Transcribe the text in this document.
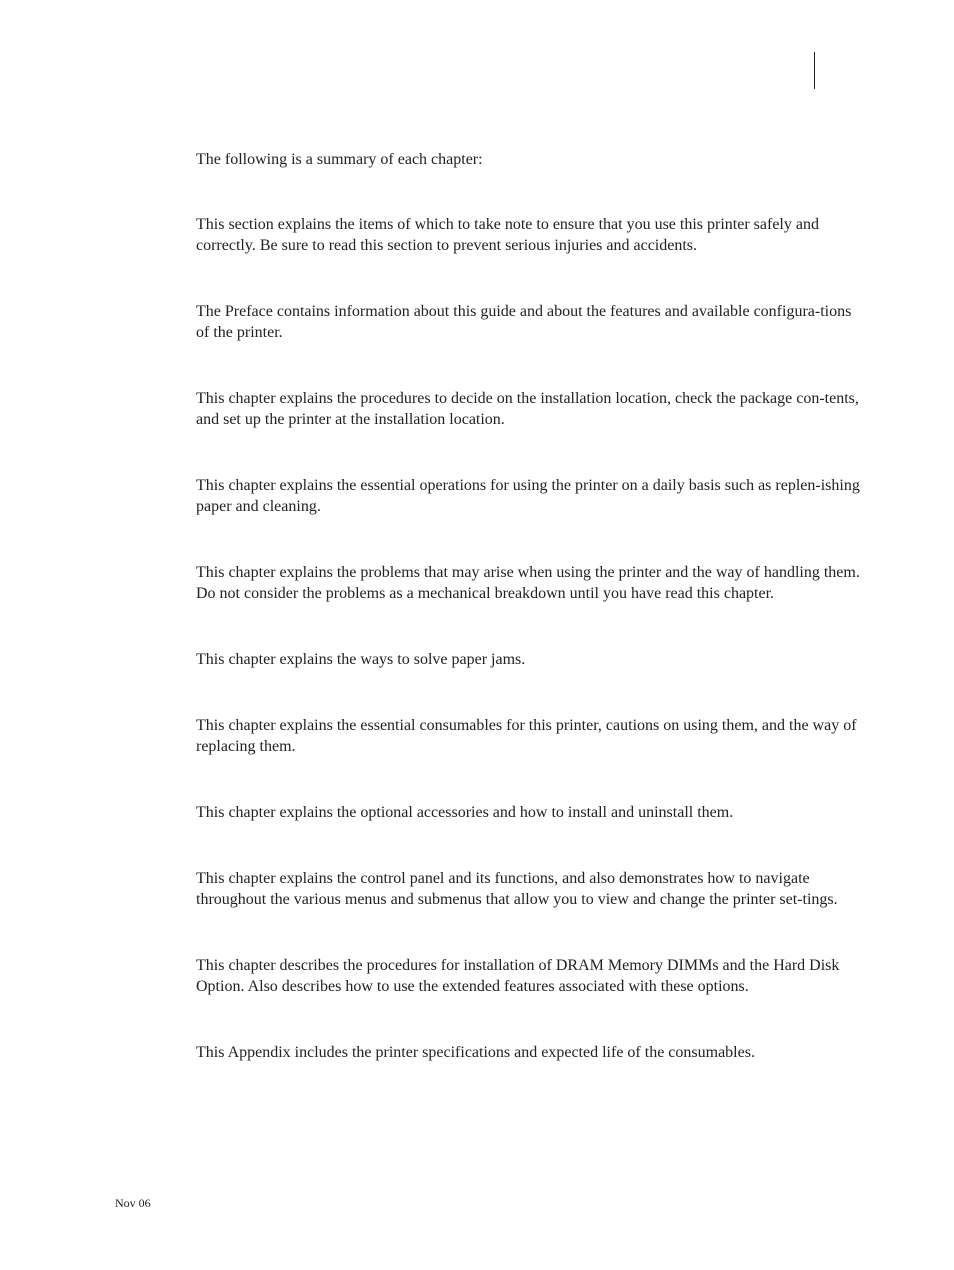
The following is a summary of each chapter:

This section explains the items of which to take note to ensure that you use this printer safely and correctly. Be sure to read this section to prevent serious injuries and accidents.

The Preface contains information about this guide and about the features and available configura-tions of the printer.

This chapter explains the procedures to decide on the installation location, check the package con-tents, and set up the printer at the installation location.

This chapter explains the essential operations for using the printer on a daily basis such as replen-ishing paper and cleaning.

This chapter explains the problems that may arise when using the printer and the way of handling them. Do not consider the problems as a mechanical breakdown until you have read this chapter.

This chapter explains the ways to solve paper jams.

This chapter explains the essential consumables for this printer, cautions on using them, and the way of replacing them.

This chapter explains the optional accessories and how to install and uninstall them.

This chapter explains the control panel and its functions, and also demonstrates how to navigate throughout the various menus and submenus that allow you to view and change the printer set-tings.

This chapter describes the procedures for installation of DRAM Memory DIMMs and the Hard Disk Option. Also describes how to use the extended features associated with these options.

This Appendix includes the printer specifications and expected life of the consumables.

Nov 06
